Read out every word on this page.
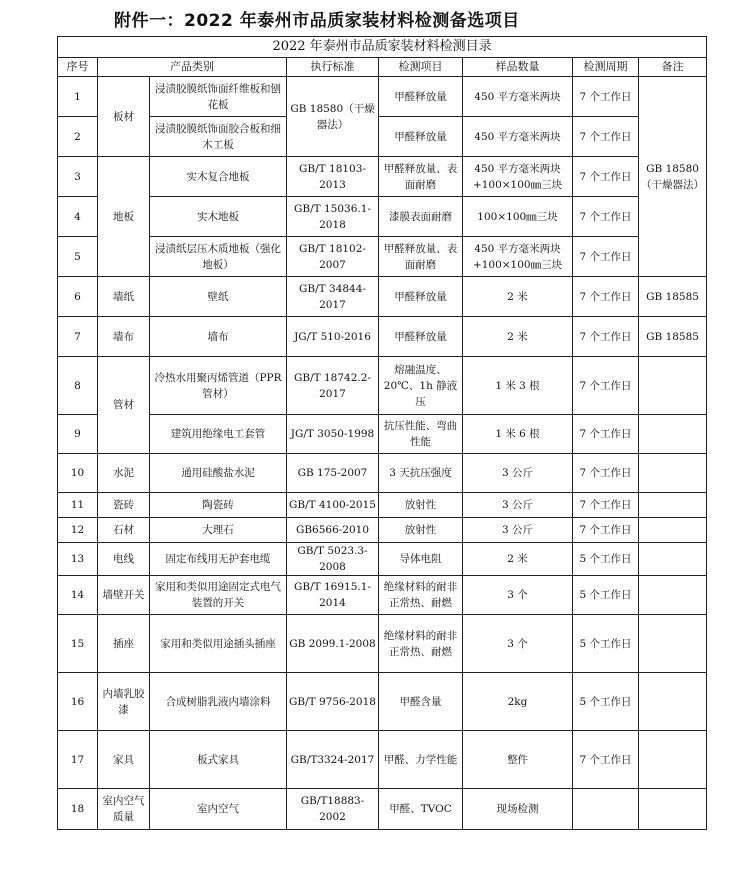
附件一：2022 年泰州市品质家装材料检测备选项目
2022 年泰州市品质家装材料检测目录							
序号	产品类别		执行标准	检测项目	样品数量	检测周期	备注
1	板材	浸渍胶膜纸饰面纤维板和刨花板	GB 18580（干燥器法）	甲醛释放量	450 平方毫米两块	7 个工作日	GB 18580（干燥器法）
2		浸渍胶膜纸饰面胶合板和细木工板		甲醛释放量	450 平方毫米两块	7 个工作日	
3	地板	实木复合地板	GB/T 18103-2013	甲醛释放量、表面耐磨	450 平方毫米两块+100×100㎜三块	7 个工作日	
4		实木地板	GB/T 15036.1-2018	漆膜表面耐磨	100×100㎜三块	7 个工作日	
5		浸渍纸层压木质地板（强化地板）	GB/T 18102-2007	甲醛释放量、表面耐磨	450 平方毫米两块+100×100㎜三块	7 个工作日	
6	墙纸	壁纸	GB/T 34844-2017	甲醛释放量	2 米	7 个工作日	GB 18585
7	墙布	墙布	JG/T 510-2016	甲醛释放量	2 米	7 个工作日	GB 18585
8	管材	冷热水用聚丙烯管道（PPR 管材）	GB/T 18742.2-2017	熔融温度、20℃、1h 静液压	1 米 3 根	7 个工作日	
9		建筑用绝缘电工套管	JG/T 3050-1998	抗压性能、弯曲性能	1 米 6 根	7 个工作日	
10	水泥	通用硅酸盐水泥	GB 175-2007	3 天抗压强度	3 公斤	7 个工作日	
11	瓷砖	陶瓷砖	GB/T 4100-2015	放射性	3 公斤	7 个工作日	
12	石材	大理石	GB6566-2010	放射性	3 公斤	7 个工作日	
13	电线	固定布线用无护套电缆	GB/T 5023.3-2008	导体电阻	2 米	5 个工作日	
14	墙壁开关	家用和类似用途固定式电气装置的开关	GB/T 16915.1-2014	绝缘材料的耐非正常热、耐燃	3 个	5 个工作日	
15	插座	家用和类似用途插头插座	GB 2099.1-2008	绝缘材料的耐非正常热、耐燃	3 个	5 个工作日	
16	内墙乳胶漆	合成树脂乳液内墙涂料	GB/T 9756-2018	甲醛含量	2kg	5 个工作日	
17	家具	板式家具	GB/T3324-2017	甲醛、力学性能	整件	7 个工作日	
18	室内空气质量	室内空气	GB/T18883-2002	甲醛、TVOC	现场检测		
